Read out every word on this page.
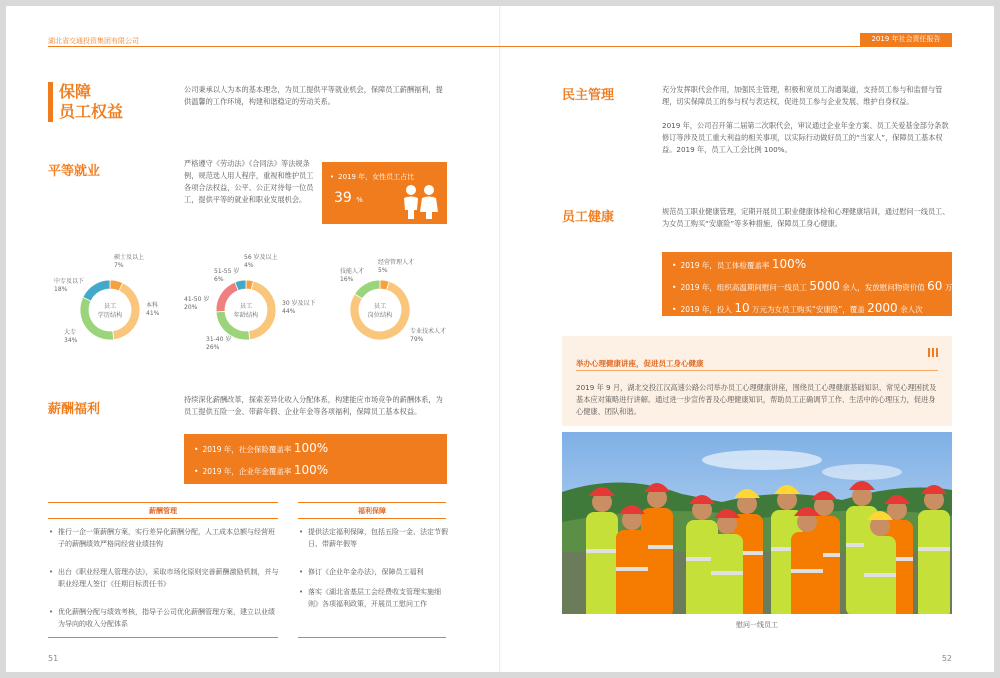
湖北省交通投资集团有限公司	2019 年社会责任报告
保障
员工权益
公司秉承以人为本的基本理念，为员工提供平等就业机会，保障员工薪酬福利，提供温馨的工作环境，构建和谐稳定的劳动关系。
平等就业
严格遵守《劳动法》《合同法》等法规条例，规范选人用人程序，重视和维护员工各项合法权益，公平、公正对待每一位员工，提供平等的就业和职业发展机会。
• 2019 年，女性员工占比
39 %
员工
学历结构
硕士及以上
7%
本科
41%
大专
34%
中专及以下
18%
员工
年龄结构
56 岁及以上
4%
30 岁及以下
44%
31-40 岁
26%
41-50 岁
20%
51-55 岁
6%
员工
岗位结构
经营管理人才
5%
专业技术人才
79%
技能人才
16%
薪酬福利
持续深化薪酬改革，探索差异化收入分配体系，构建能应市场竞争的薪酬体系，为员工提供五险一金、带薪年假、企业年金等各项福利，保障员工基本权益。
• 2019 年，社会保险覆盖率 100%
• 2019 年，企业年金覆盖率 100%
薪酬管理	福利保障
• 推行一企一策薪酬方案，实行差异化薪酬分配，人工成本总额与经营班子的薪酬绩效严格同经营业绩挂钩
• 出台《职业经理人管理办法》，采取市场化原则完善薪酬激励机制，并与职业经理人签订《任期目标责任书》
• 优化薪酬分配与绩效考核，指导子公司优化薪酬管理方案，建立以业绩为导向的收入分配体系
• 提供法定福利保障，包括五险一金、法定节假日、带薪年假等
• 修订《企业年金办法》，保障员工福利
• 落实《湖北省基层工会经费收支管理实施细则》各项福利政策，开展员工慰问工作
51
民主管理	充分发挥职代会作用，加强民主管理，积极和宽员工沟通渠道，支持员工参与和监督与管理，切实保障员工的参与权与表达权，促进员工参与企业发展、维护自身权益。
2019 年，公司召开第二届第二次职代会，审议通过企业年金方案、员工关爱基金部分条款修订等涉及员工重大利益的相关事项，以实际行动做好员工的“当家人”，保障员工基本权益。2019 年，员工入工会比例 100%。
员工健康	规范员工职业健康管理，定期开展员工职业健康体检和心理健康培训，通过慰问一线员工、为女员工购买“安康险”等多种措施，保障员工身心健康。
• 2019 年，员工体检覆盖率 100%
• 2019 年，组织高温期间慰问一线员工 5000 余人，发放慰问物资价值 60 万元
• 2019 年，投入 10 万元为女员工购买“安康险”，覆盖 2000 余人次
举办心理健康讲座，促进员工身心健康
2019 年 9 月，湖北交投江汉高速公路公司举办员工心理健康讲座，围绕员工心理健康基础知识、常见心理困扰及基本应对策略进行讲解。通过进一步宣传普及心理健康知识，帮助员工正确调节工作、生活中的心理压力，促进身心健康、团队和谐。
慰问一线员工
52
